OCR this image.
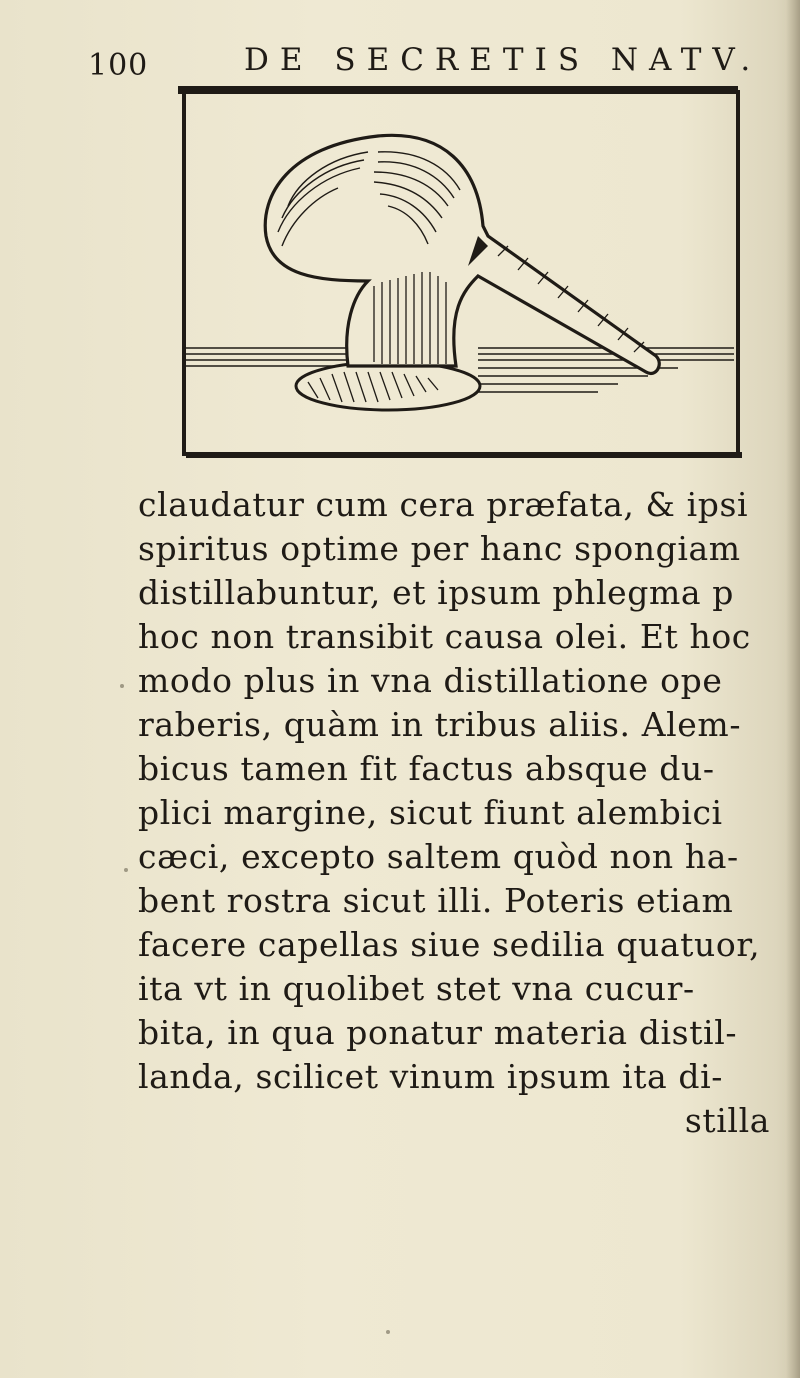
100	DE SECRETIS NATV.
claudatur cum cera præfata, & ipsi
spiritus optime per hanc spongiam
distillabuntur, et ipsum phlegma p
hoc non transibit causa olei. Et hoc
modo plus in vna distillatione ope
raberis, quàm in tribus aliis. Alem-
bicus tamen fit factus absque du-
plici margine, sicut fiunt alembici
cæci, excepto saltem quòd non ha-
bent rostra sicut illi. Poteris etiam
facere capellas siue sedilia quatuor,
ita vt in quolibet stet vna cucur-
bita, in qua ponatur materia distil-
landa, scilicet vinum ipsum ita di-
stilla
